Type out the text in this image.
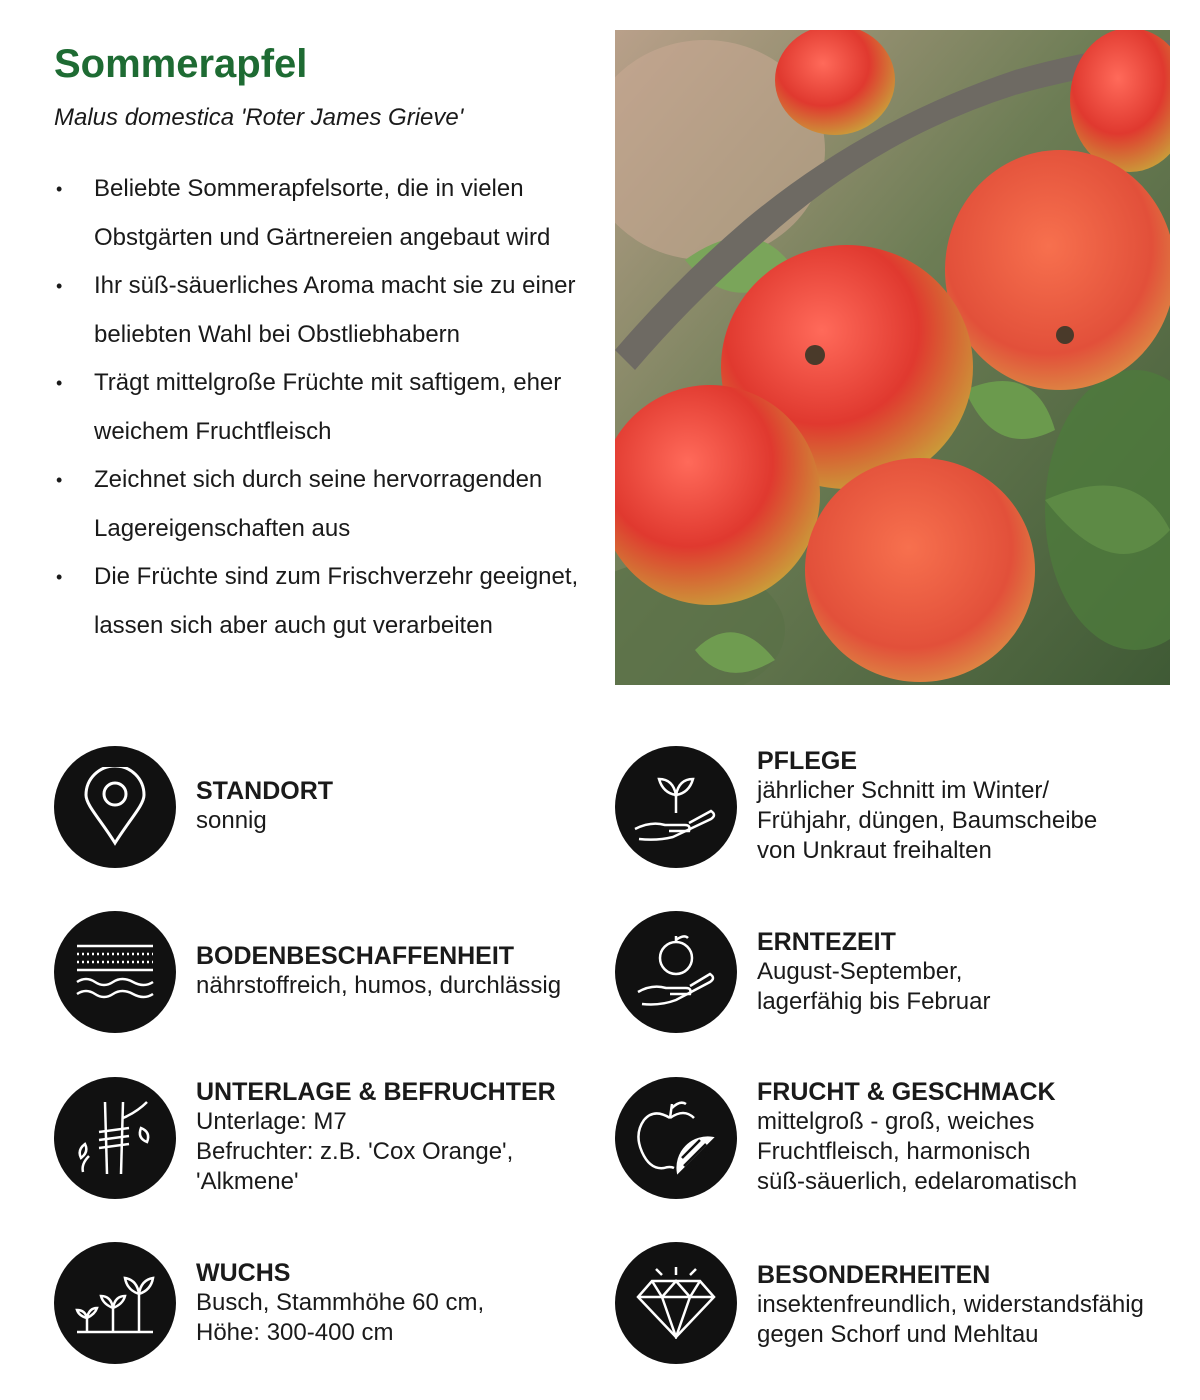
Sommerapfel

Malus domestica 'Roter James Grieve'

• Beliebte Sommerapfelsorte, die in vielen Obstgärten und Gärtnereien angebaut wird
• Ihr süß-säuerliches Aroma macht sie zu einer beliebten Wahl bei Obstliebhabern
• Trägt mittelgroße Früchte mit saftigem, eher weichem Fruchtfleisch
• Zeichnet sich durch seine hervorragenden Lagereigenschaften aus
• Die Früchte sind zum Frischverzehr geeignet, lassen sich aber auch gut verarbeiten
STANDORT
sonnig
BODENBESCHAFFENHEIT
nährstoffreich, humos, durchlässig
UNTERLAGE & BEFRUCHTER
Unterlage: M7
Befruchter: z.B. 'Cox Orange',
'Alkmene'
WUCHS
Busch, Stammhöhe 60 cm,
Höhe: 300-400 cm
PFLEGE
jährlicher Schnitt im Winter/
Frühjahr, düngen, Baumscheibe
von Unkraut freihalten
ERNTEZEIT
August-September,
lagerfähig bis Februar
FRUCHT & GESCHMACK
mittelgroß - groß, weiches
Fruchtfleisch, harmonisch
süß-säuerlich, edelaromatisch
BESONDERHEITEN
insektenfreundlich, widerstandsfähig
gegen Schorf und Mehltau
